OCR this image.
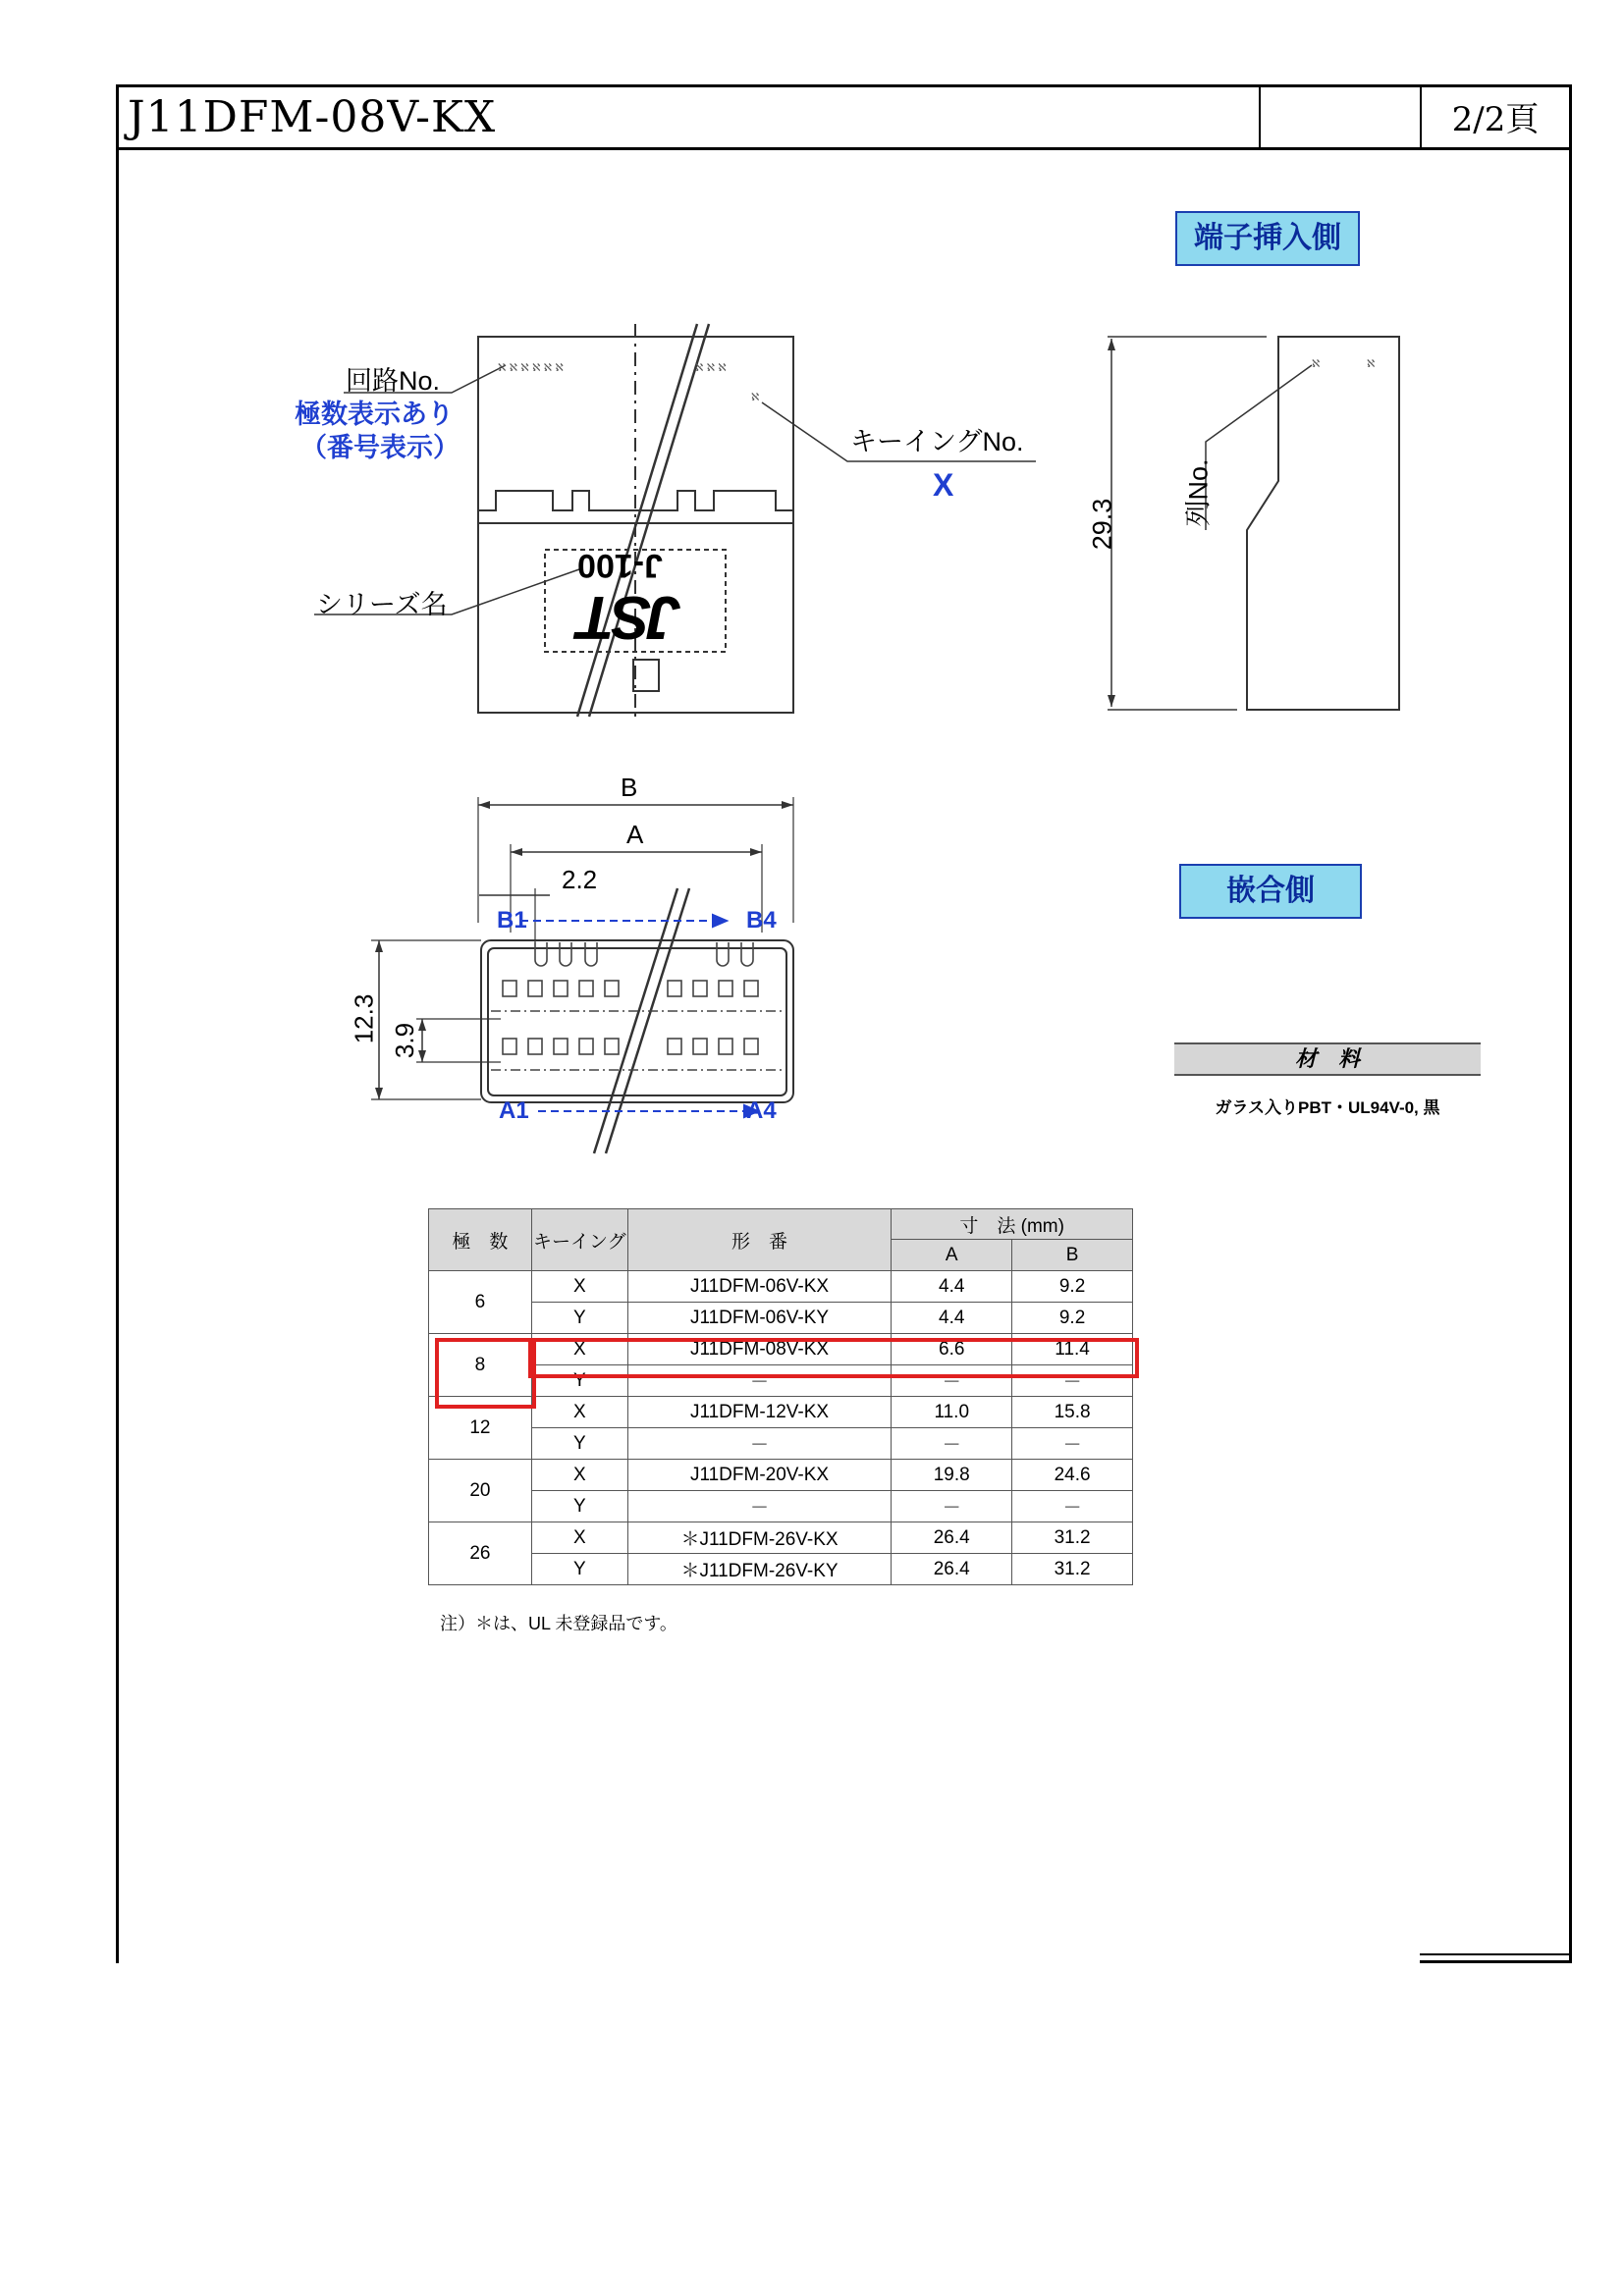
J11DFM-08V-KX	2/2頁
ℵ ℵ ℵ ℵ ℵ ℵ	ℵ ℵ ℵ
ℵ
ℵ	ℵ
回路No.
極数表示あり
（番号表示）	キーイングNo.
X
シリーズ名
J-100
JST
端子挿入側
29.3	列No.
B
A
2.2
B1	B4
A1	A4
12.3 3.9
嵌合側
材　料
ガラス入りPBT・UL94V-0, 黒
極　数	キーイング	形　番	寸　法 (mm)	
			A	B
6	X	J11DFM-06V-KX	4.4	9.2
	Y	J11DFM-06V-KY	4.4	9.2
8	X	J11DFM-08V-KX	6.6	11.4
	Y	－	－	－
12	X	J11DFM-12V-KX	11.0	15.8
	Y	－	－	－
20	X	J11DFM-20V-KX	19.8	24.6
	Y	－	－	－
26	X	＊J11DFM-26V-KX	26.4	31.2
	Y	＊J11DFM-26V-KY	26.4	31.2
注）＊は、UL 未登録品です。
